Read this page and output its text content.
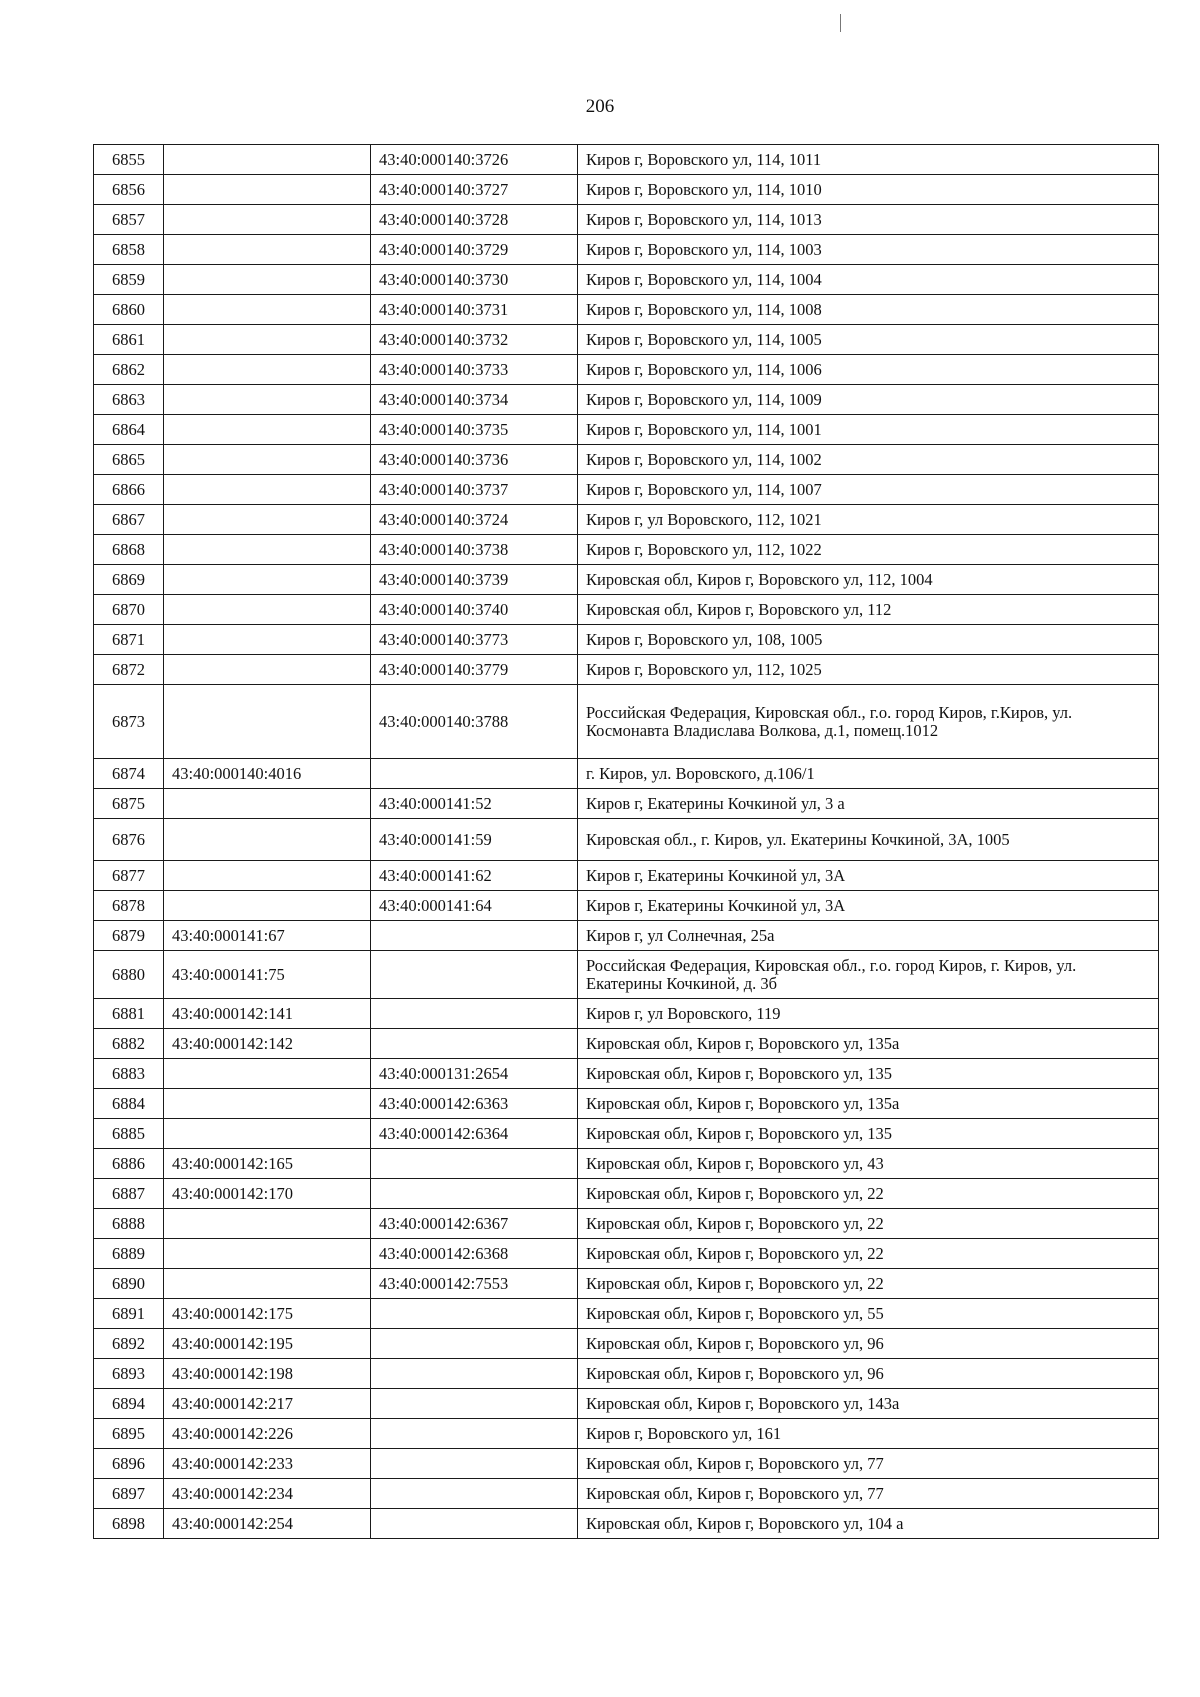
206
6855		43:40:000140:3726	Киров г, Воровского ул, 114, 1011
6856		43:40:000140:3727	Киров г, Воровского ул, 114, 1010
6857		43:40:000140:3728	Киров г, Воровского ул, 114, 1013
6858		43:40:000140:3729	Киров г, Воровского ул, 114, 1003
6859		43:40:000140:3730	Киров г, Воровского ул, 114, 1004
6860		43:40:000140:3731	Киров г, Воровского ул, 114, 1008
6861		43:40:000140:3732	Киров г, Воровского ул, 114, 1005
6862		43:40:000140:3733	Киров г, Воровского ул, 114, 1006
6863		43:40:000140:3734	Киров г, Воровского ул, 114, 1009
6864		43:40:000140:3735	Киров г, Воровского ул, 114, 1001
6865		43:40:000140:3736	Киров г, Воровского ул, 114, 1002
6866		43:40:000140:3737	Киров г, Воровского ул, 114, 1007
6867		43:40:000140:3724	Киров г, ул Воровского, 112, 1021
6868		43:40:000140:3738	Киров г, Воровского ул, 112, 1022
6869		43:40:000140:3739	Кировская обл, Киров г, Воровского ул, 112, 1004
6870		43:40:000140:3740	Кировская обл, Киров г, Воровского ул, 112
6871		43:40:000140:3773	Киров г, Воровского ул, 108, 1005
6872		43:40:000140:3779	Киров г, Воровского ул, 112, 1025
6873		43:40:000140:3788	Российская Федерация, Кировская обл., г.о. город Киров, г.Киров, ул. Космонавта Владислава Волкова, д.1, помещ.1012
6874	43:40:000140:4016		г. Киров, ул. Воровского, д.106/1
6875		43:40:000141:52	Киров г, Екатерины Кочкиной ул, 3 а
6876		43:40:000141:59	Кировская обл., г. Киров, ул. Екатерины Кочкиной, 3А, 1005
6877		43:40:000141:62	Киров г, Екатерины Кочкиной ул, 3А
6878		43:40:000141:64	Киров г, Екатерины Кочкиной ул, 3А
6879	43:40:000141:67		Киров г, ул Солнечная, 25а
6880	43:40:000141:75		Российская Федерация, Кировская обл., г.о. город Киров, г. Киров, ул. Екатерины Кочкиной, д. 3б
6881	43:40:000142:141		Киров г, ул Воровского, 119
6882	43:40:000142:142		Кировская обл, Киров г, Воровского ул, 135а
6883		43:40:000131:2654	Кировская обл, Киров г, Воровского ул, 135
6884		43:40:000142:6363	Кировская обл, Киров г, Воровского ул, 135а
6885		43:40:000142:6364	Кировская обл, Киров г, Воровского ул, 135
6886	43:40:000142:165		Кировская обл, Киров г, Воровского ул, 43
6887	43:40:000142:170		Кировская обл, Киров г, Воровского ул, 22
6888		43:40:000142:6367	Кировская обл, Киров г, Воровского ул, 22
6889		43:40:000142:6368	Кировская обл, Киров г, Воровского ул, 22
6890		43:40:000142:7553	Кировская обл, Киров г, Воровского ул, 22
6891	43:40:000142:175		Кировская обл, Киров г, Воровского ул, 55
6892	43:40:000142:195		Кировская обл, Киров г, Воровского ул, 96
6893	43:40:000142:198		Кировская обл, Киров г, Воровского ул, 96
6894	43:40:000142:217		Кировская обл, Киров г, Воровского ул, 143а
6895	43:40:000142:226		Киров г, Воровского ул, 161
6896	43:40:000142:233		Кировская обл, Киров г, Воровского ул, 77
6897	43:40:000142:234		Кировская обл, Киров г, Воровского ул, 77
6898	43:40:000142:254		Кировская обл, Киров г, Воровского ул, 104 а
